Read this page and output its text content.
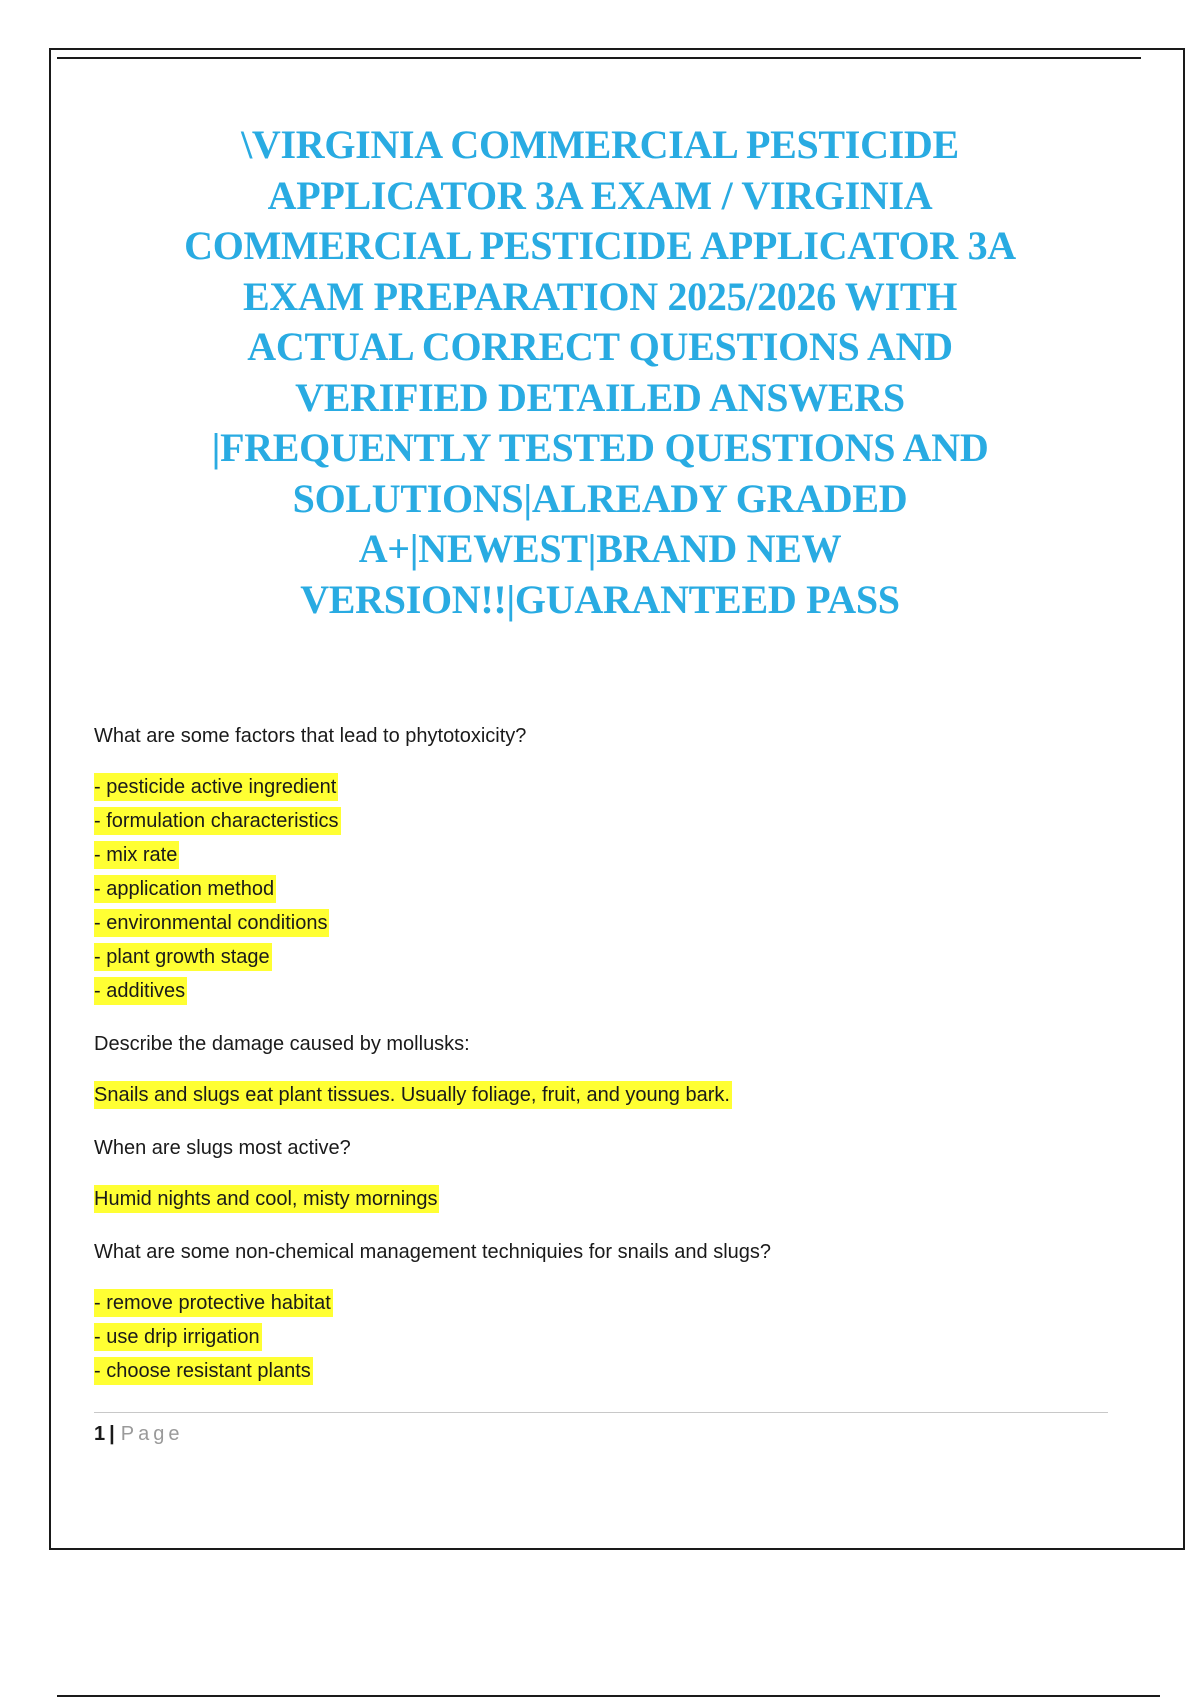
\VIRGINIA COMMERCIAL PESTICIDE
APPLICATOR 3A EXAM / VIRGINIA
COMMERCIAL PESTICIDE APPLICATOR 3A
EXAM PREPARATION 2025/2026 WITH
ACTUAL CORRECT QUESTIONS AND
VERIFIED DETAILED ANSWERS
|FREQUENTLY TESTED QUESTIONS AND
SOLUTIONS|ALREADY GRADED
A+|NEWEST|BRAND NEW
VERSION!!|GUARANTEED PASS
What are some factors that lead to phytotoxicity?
- pesticide active ingredient
- formulation characteristics
- mix rate
- application method
- environmental conditions
- plant growth stage
- additives
Describe the damage caused by mollusks:
Snails and slugs eat plant tissues. Usually foliage, fruit, and young bark.
When are slugs most active?
Humid nights and cool, misty mornings
What are some non-chemical management techniquies for snails and slugs?
- remove protective habitat
- use drip irrigation
- choose resistant plants
1 | Page
